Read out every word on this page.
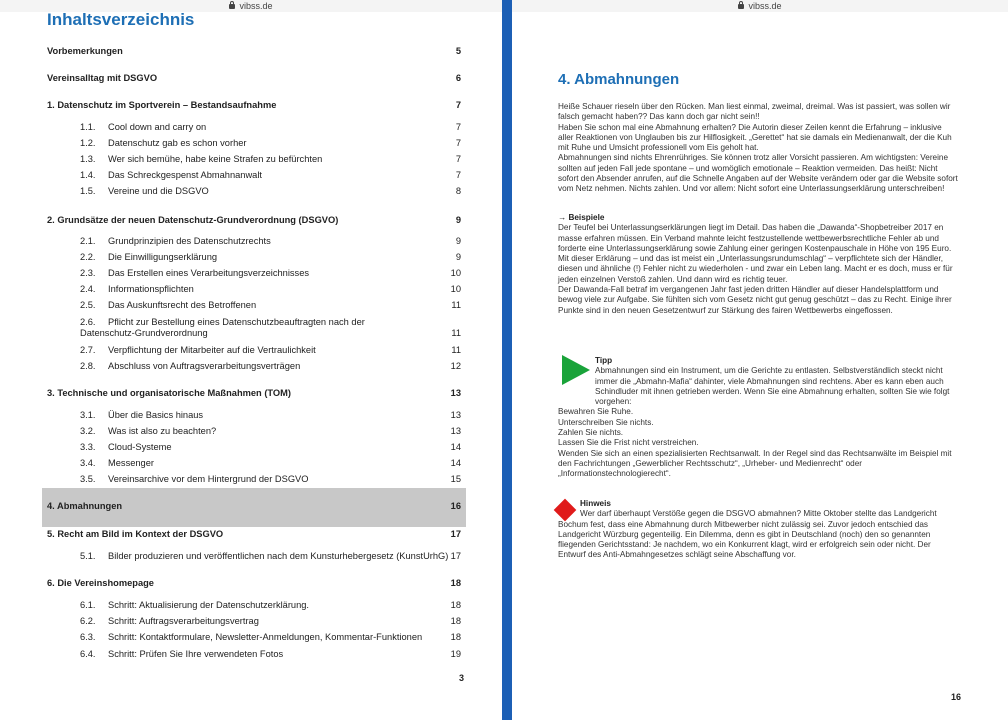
vibss.de
Inhaltsverzeichnis
Vorbemerkungen	5
Vereinsalltag mit DSGVO	6
1. Datenschutz im Sportverein – Bestandsaufnahme	7
1.1. Cool down and carry on	7
1.2. Datenschutz gab es schon vorher	7
1.3. Wer sich bemühe, habe keine Strafen zu befürchten	7
1.4. Das Schreckgespenst Abmahnanwalt	7
1.5. Vereine und die DSGVO	8
2. Grundsätze der neuen Datenschutz-Grundverordnung (DSGVO)	9
2.1. Grundprinzipien des Datenschutzrechts	9
2.2. Die Einwilligungserklärung	9
2.3. Das Erstellen eines Verarbeitungsverzeichnisses	10
2.4. Informationspflichten	10
2.5. Das Auskunftsrecht des Betroffenen	11
2.6. Pflicht zur Bestellung eines Datenschutzbeauftragten nach der Datenschutz-Grundverordnung	11
2.7. Verpflichtung der Mitarbeiter auf die Vertraulichkeit	11
2.8. Abschluss von Auftragsverarbeitungsverträgen	12
3. Technische und organisatorische Maßnahmen (TOM)	13
3.1. Über die Basics hinaus	13
3.2. Was ist also zu beachten?	13
3.3. Cloud-Systeme	14
3.4. Messenger	14
3.5. Vereinsarchive vor dem Hintergrund der DSGVO	15
4. Abmahnungen	16
5. Recht am Bild im Kontext der DSGVO	17
5.1. Bilder produzieren und veröffentlichen nach dem Kunsturhebergesetz (KunstUrhG) 17
6. Die Vereinshomepage	18
6.1. Schritt: Aktualisierung der Datenschutzerklärung.	18
6.2. Schritt: Auftragsverarbeitungsvertrag	18
6.3. Schritt: Kontaktformulare, Newsletter-Anmeldungen, Kommentar-Funktionen	18
6.4. Schritt: Prüfen Sie Ihre verwendeten Fotos	19
3
vibss.de
4. Abmahnungen

Heiße Schauer rieseln über den Rücken. Man liest einmal, zweimal, dreimal. Was ist passiert, was sollen wir falsch gemacht haben?? Das kann doch gar nicht sein!!

Haben Sie schon mal eine Abmahnung erhalten? Die Autorin dieser Zeilen kennt die Erfahrung – inklusive aller Reaktionen von Unglauben bis zur Hilflosigkeit. „Gerettet“ hat sie damals ein Medienanwalt, der die Kuh mit Ruhe und Umsicht professionell vom Eis geholt hat.

Abmahnungen sind nichts Ehrenrühriges. Sie können trotz aller Vorsicht passieren. Am wichtigsten: Vereine sollten auf jeden Fall jede spontane – und womöglich emotionale – Reaktion vermeiden. Das heißt: Nicht sofort den Absender anrufen, auf die Schnelle Angaben auf der Website verändern oder gar die Website sofort vom Netz nehmen. Nichts zahlen. Und vor allem: Nicht sofort eine Unterlassungserklärung unterschreiben!

→ Beispiele

Der Teufel bei Unterlassungserklärungen liegt im Detail. Das haben die „Dawanda“-Shopbetreiber 2017 en masse erfahren müssen. Ein Verband mahnte leicht festzustellende wettbewerbsrechtliche Fehler ab und forderte eine Unterlassungserklärung sowie Zahlung einer geringen Kostenpauschale in Höhe von 195 Euro. Mit dieser Erklärung – und das ist meist ein „Unterlassungsrundumschlag“ – verpflichtete sich der Händler, diesen und ähnliche (!) Fehler nicht zu wiederholen - und zwar ein Leben lang. Macht er es doch, muss er für jeden einzelnen Verstoß zahlen. Und dann wird es richtig teuer.

Der Dawanda-Fall betraf im vergangenen Jahr fast jeden dritten Händler auf dieser Handelsplattform und bewog viele zur Aufgabe. Sie fühlten sich vom Gesetz nicht gut genug geschützt – das zu Recht. Einige ihrer Punkte sind in den neuen Gesetzentwurf zur Stärkung des fairen Wettbewerbs eingeflossen.

Tipp

Abmahnungen sind ein Instrument, um die Gerichte zu entlasten. Selbstverständlich steckt nicht immer die „Abmahn-Mafia“ dahinter, viele Abmahnungen sind rechtens. Aber es kann eben auch Schindluder mit ihnen getrieben werden. Wenn Sie eine Abmahnung erhalten, sollten Sie wie folgt vorgehen:

Bewahren Sie Ruhe.

Unterschreiben Sie nichts.

Zahlen Sie nichts.

Lassen Sie die Frist nicht verstreichen.

Wenden Sie sich an einen spezialisierten Rechtsanwalt. In der Regel sind das Rechtsanwälte im Beispiel mit den Fachrichtungen „Gewerblicher Rechtsschutz“, „Urheber- und Medienrecht“ oder „Informationstechnologierecht“.

Hinweis

Wer darf überhaupt Verstöße gegen die DSGVO abmahnen? Mitte Oktober stellte das Landgericht Bochum fest, dass eine Abmahnung durch Mitbewerber nicht zulässig sei. Zuvor jedoch entschied das Landgericht Würzburg gegenteilig. Ein Dilemma, denn es gibt in Deutschland (noch) den so genannten fliegenden Gerichtsstand: Je nachdem, wo ein Konkurrent klagt, wird er erfolgreich sein oder nicht. Der Entwurf des Anti-Abmahngesetzes schlägt seine Abschaffung vor.

16
